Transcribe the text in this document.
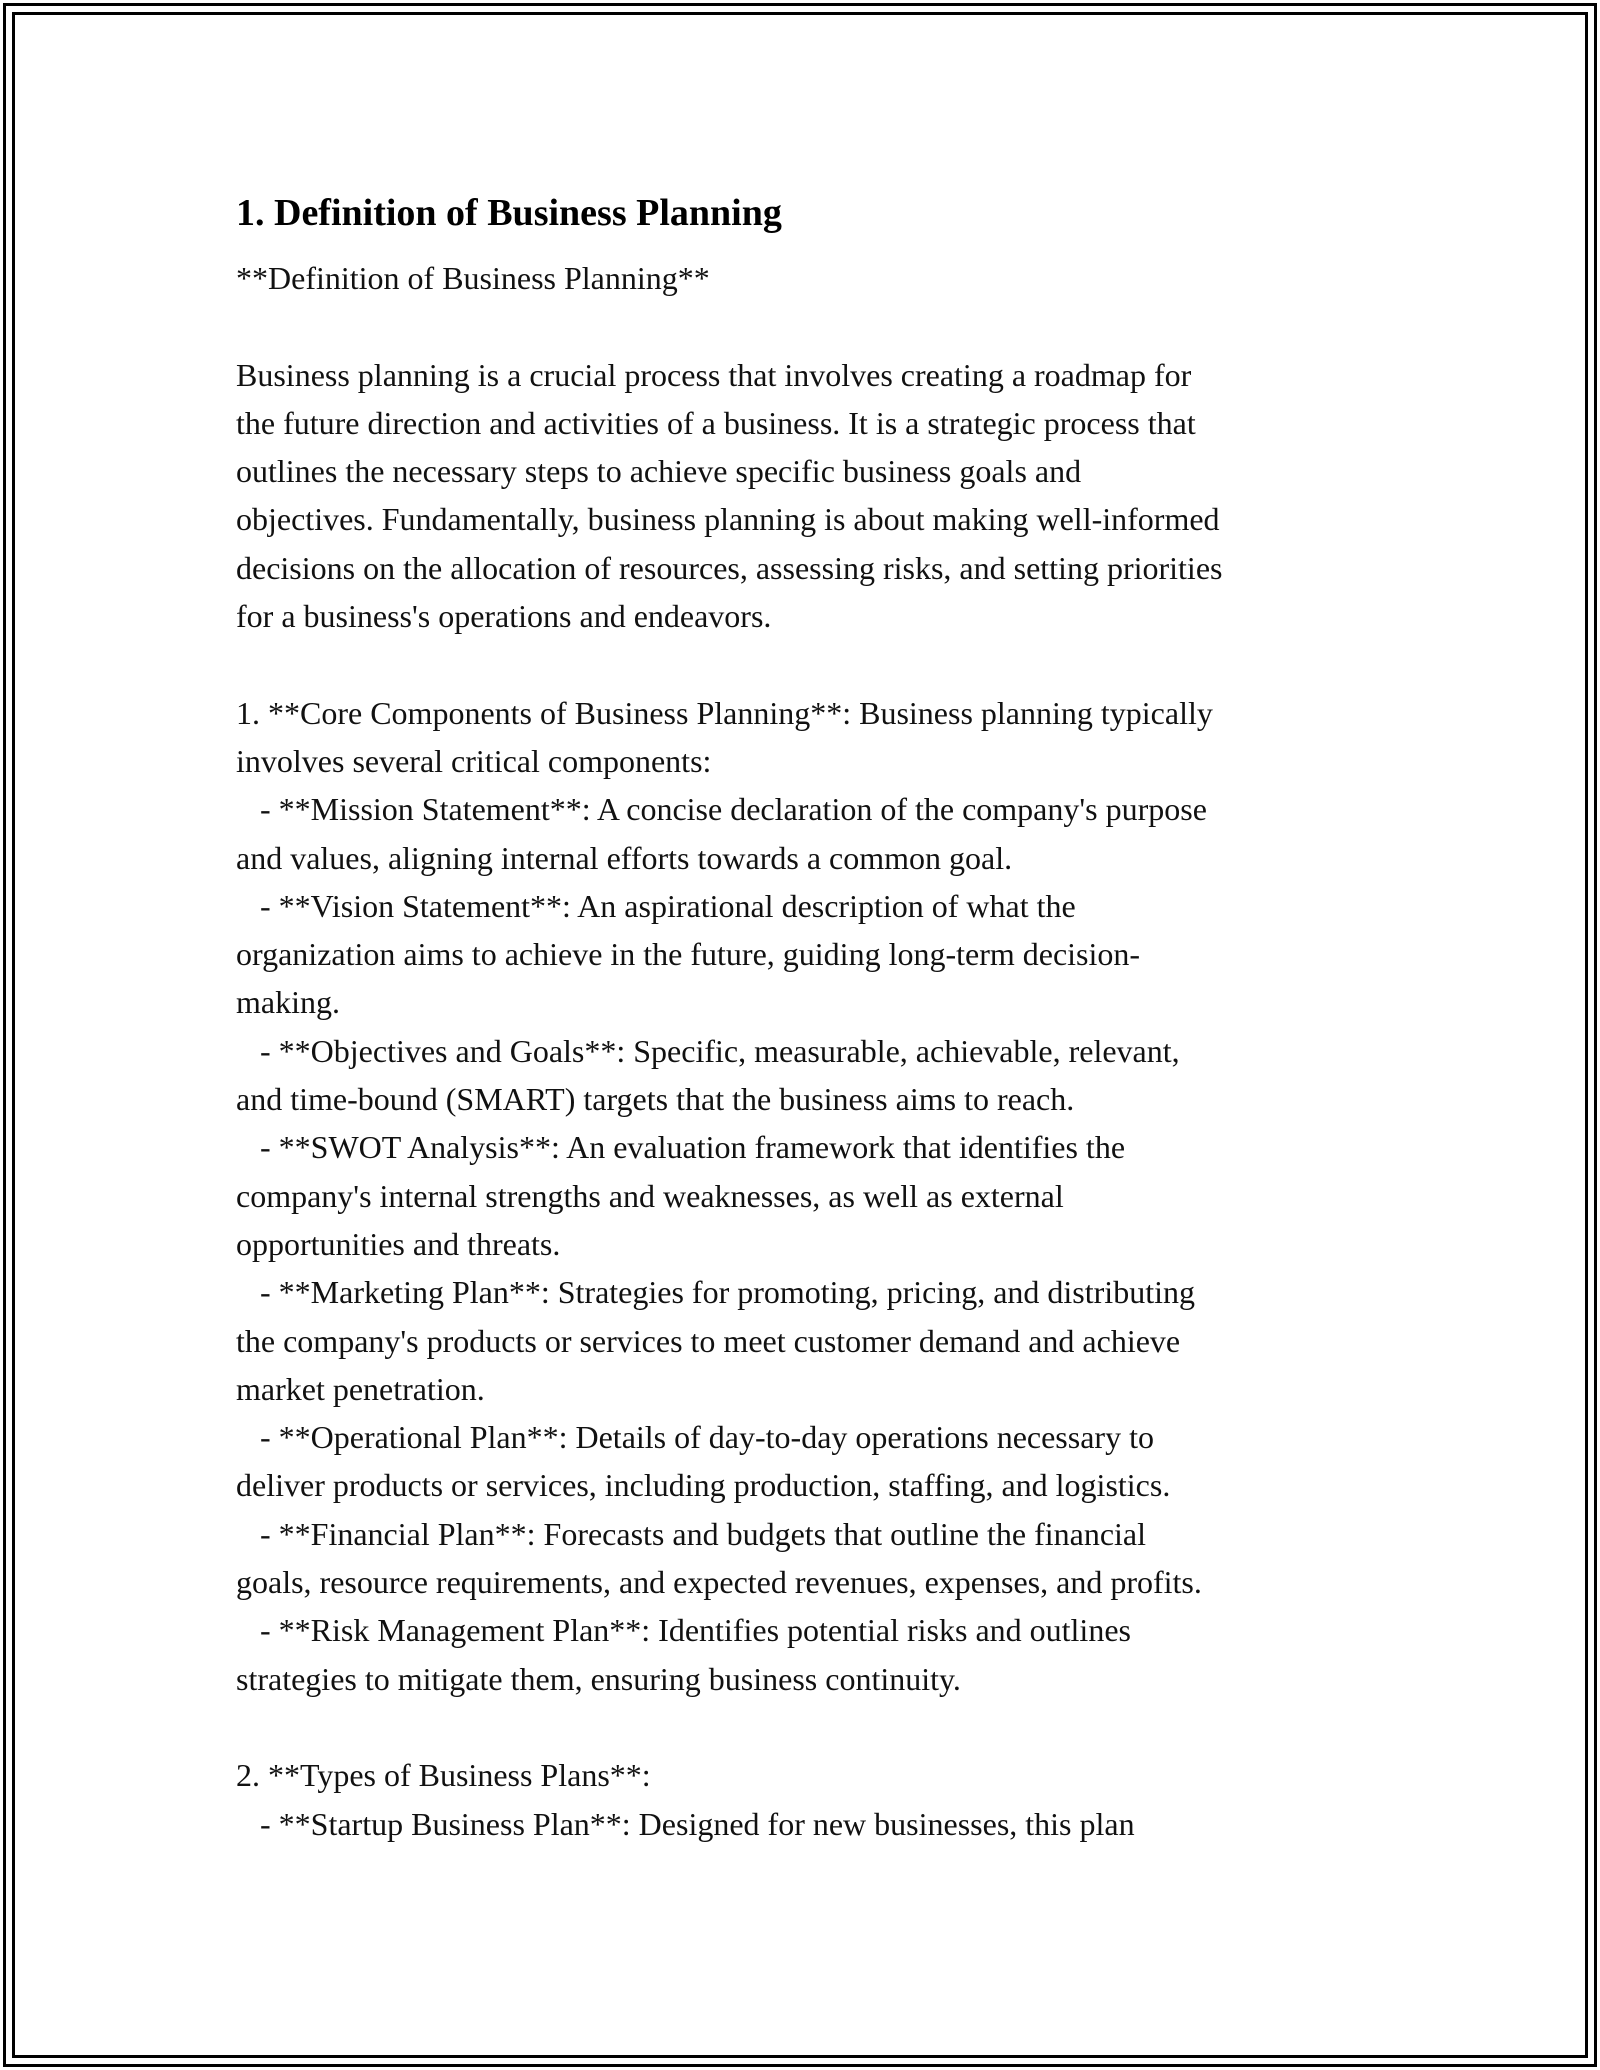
1. Definition of Business Planning
**Definition of Business Planning**

Business planning is a crucial process that involves creating a roadmap for
the future direction and activities of a business. It is a strategic process that
outlines the necessary steps to achieve specific business goals and
objectives. Fundamentally, business planning is about making well-informed
decisions on the allocation of resources, assessing risks, and setting priorities
for a business's operations and endeavors.

1. **Core Components of Business Planning**: Business planning typically
involves several critical components:
- **Mission Statement**: A concise declaration of the company's purpose
and values, aligning internal efforts towards a common goal.
- **Vision Statement**: An aspirational description of what the
organization aims to achieve in the future, guiding long-term decision-
making.
- **Objectives and Goals**: Specific, measurable, achievable, relevant,
and time-bound (SMART) targets that the business aims to reach.
- **SWOT Analysis**: An evaluation framework that identifies the
company's internal strengths and weaknesses, as well as external
opportunities and threats.
- **Marketing Plan**: Strategies for promoting, pricing, and distributing
the company's products or services to meet customer demand and achieve
market penetration.
- **Operational Plan**: Details of day-to-day operations necessary to
deliver products or services, including production, staffing, and logistics.
- **Financial Plan**: Forecasts and budgets that outline the financial
goals, resource requirements, and expected revenues, expenses, and profits.
- **Risk Management Plan**: Identifies potential risks and outlines
strategies to mitigate them, ensuring business continuity.

2. **Types of Business Plans**:
- **Startup Business Plan**: Designed for new businesses, this plan
